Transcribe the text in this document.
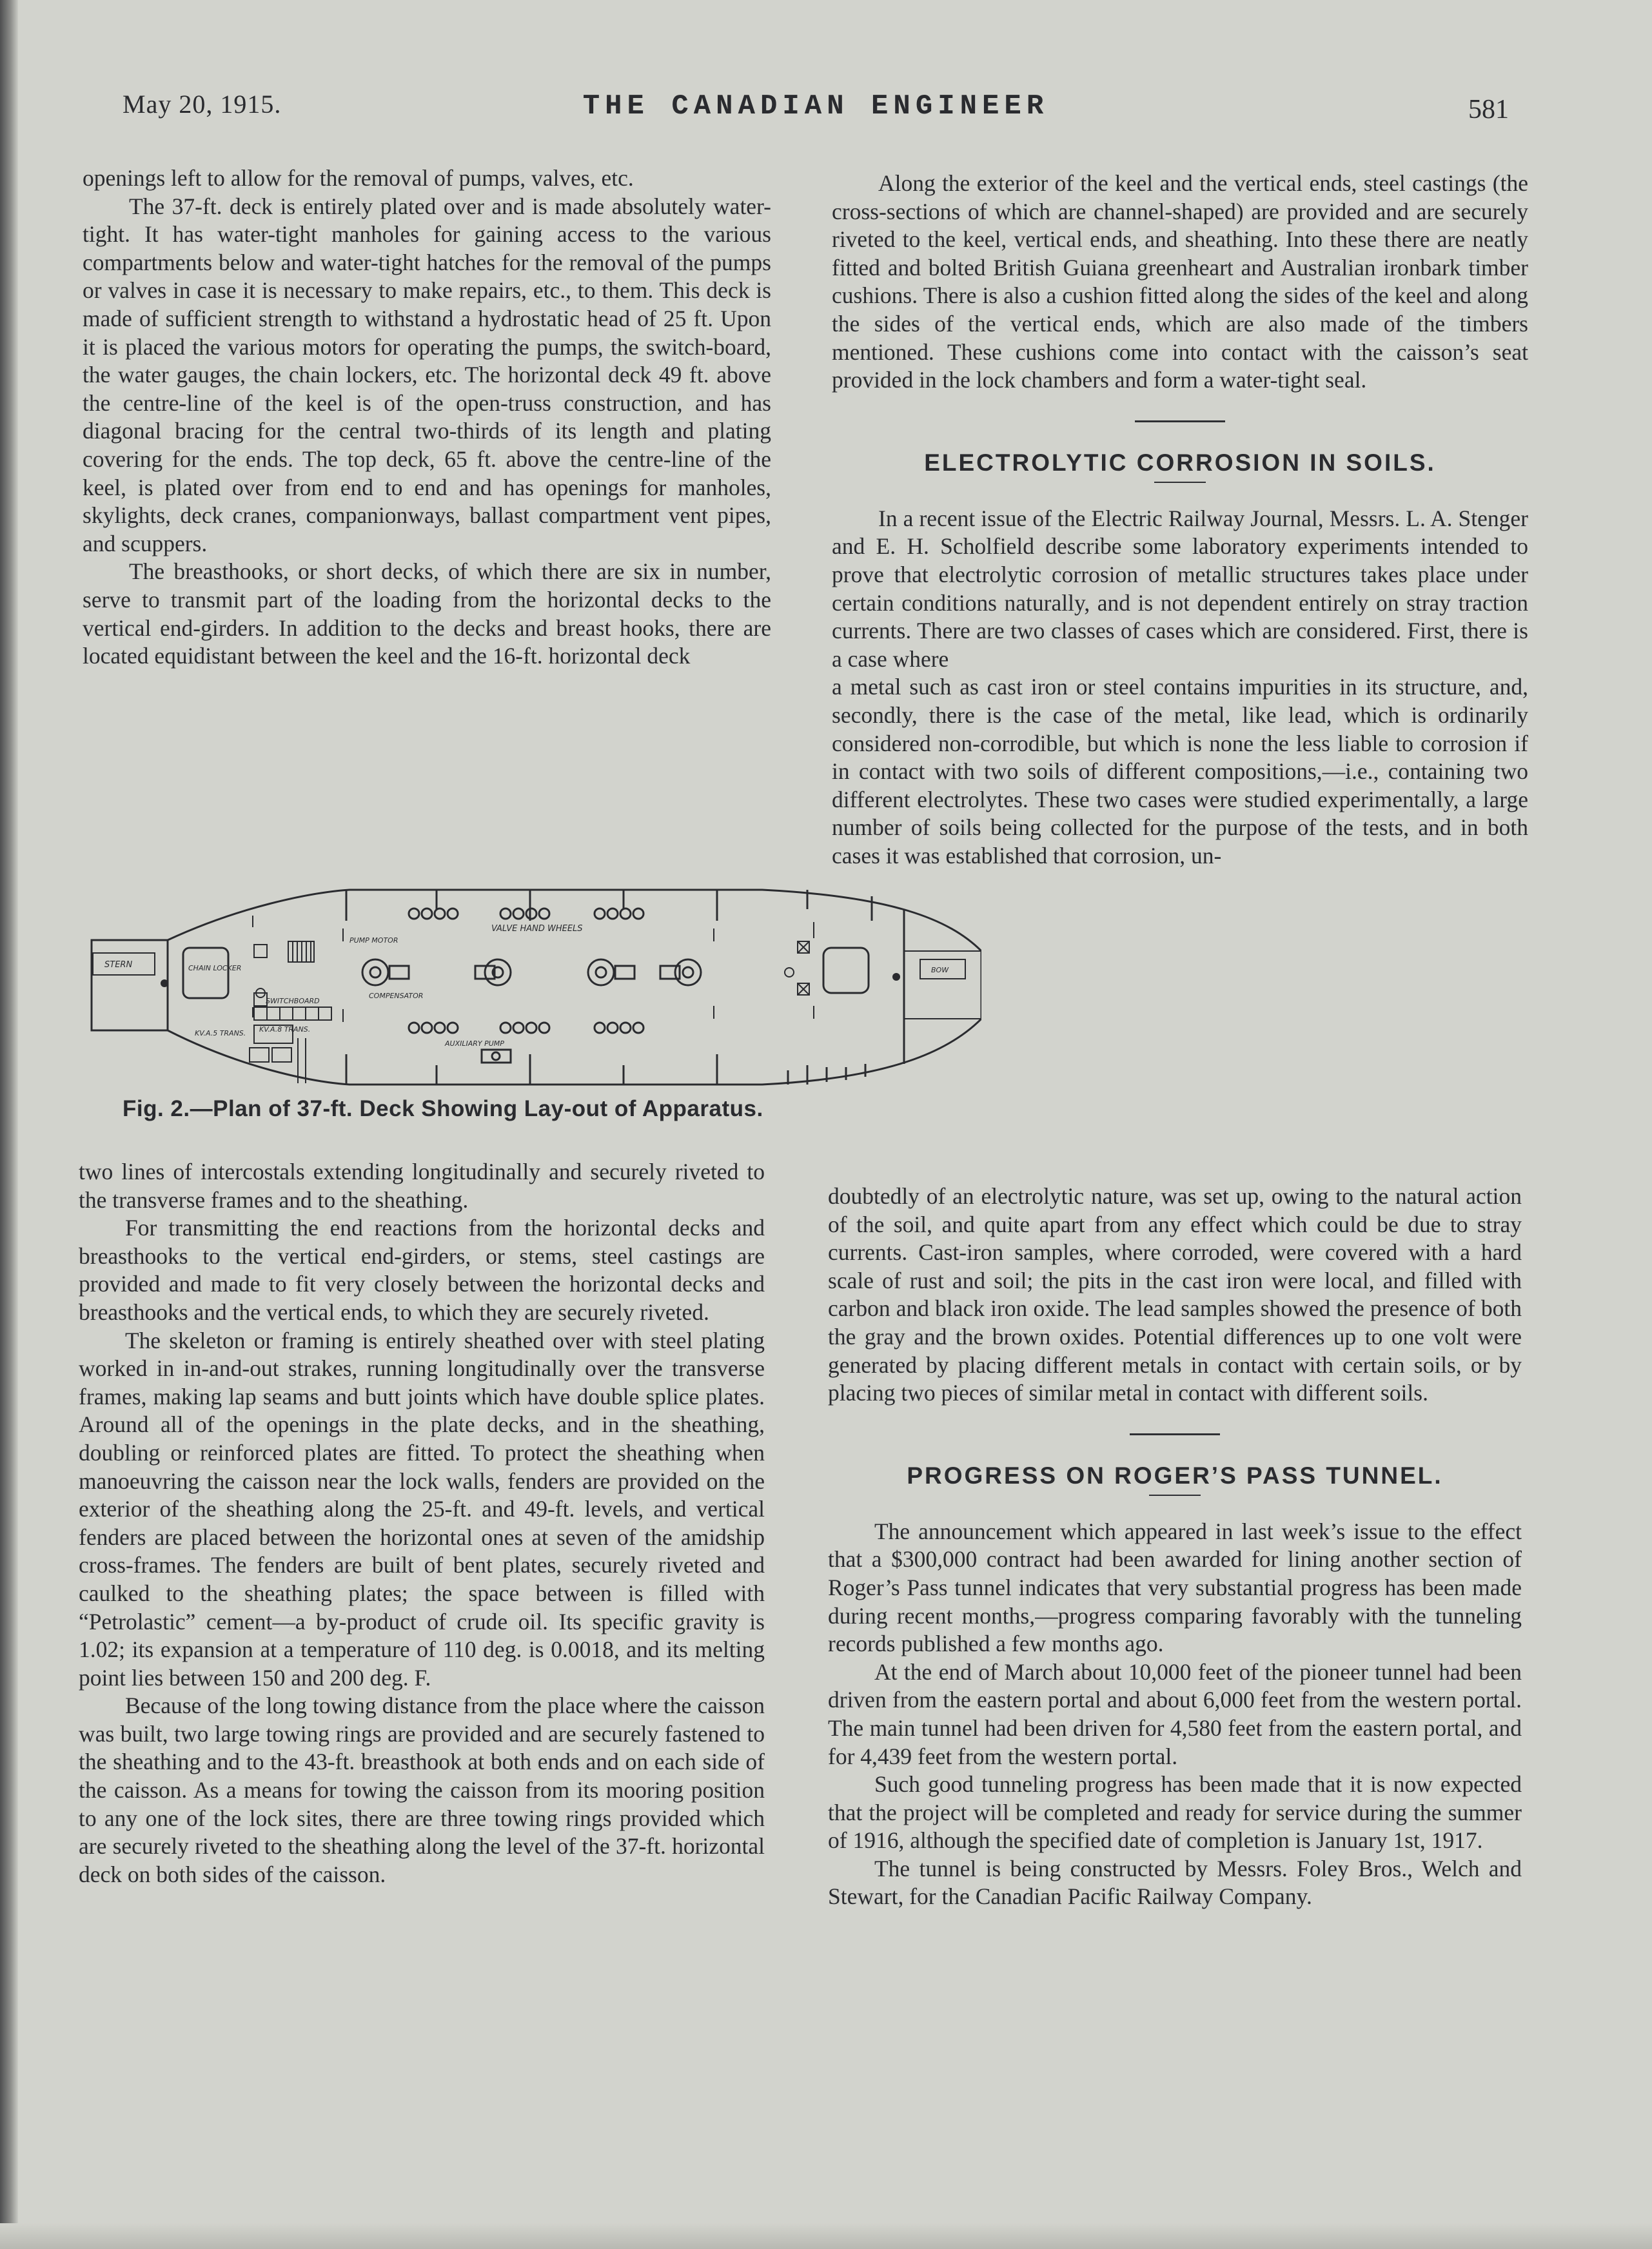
May 20, 1915.	THE CANADIAN ENGINEER	581

openings left to allow for the removal of pumps, valves, etc.

The 37-ft. deck is entirely plated over and is made absolutely water-tight. It has water-tight manholes for gaining access to the various compartments below and water-tight hatches for the removal of the pumps or valves in case it is necessary to make repairs, etc., to them. This deck is made of sufficient strength to withstand a hydrostatic head of 25 ft. Upon it is placed the various motors for operating the pumps, the switch-board, the water gauges, the chain lockers, etc. The horizontal deck 49 ft. above the centre-line of the keel is of the open-truss construction, and has diagonal bracing for the central two-thirds of its length and plating covering for the ends. The top deck, 65 ft. above the centre-line of the keel, is plated over from end to end and has openings for manholes, skylights, deck cranes, companionways, ballast compartment vent pipes, and scuppers.

The breasthooks, or short decks, of which there are six in number, serve to transmit part of the loading from the horizontal decks to the vertical end-girders. In addition to the decks and breast hooks, there are located equidistant between the keel and the 16-ft. horizontal deck

STERN	CHAIN LOCKER
VALVE HAND WHEELS
PUMP MOTOR
COMPENSATOR
SWITCHBOARD
KV.A.5 TRANS. KV.A.8 TRANS.
AUXILIARY PUMP
BOW
Fig. 2.—Plan of 37-ft. Deck Showing Lay-out of Apparatus.

two lines of intercostals extending longitudinally and securely riveted to the transverse frames and to the sheathing.

For transmitting the end reactions from the horizontal decks and breasthooks to the vertical end-girders, or stems, steel castings are provided and made to fit very closely between the horizontal decks and breasthooks and the vertical ends, to which they are securely riveted.

The skeleton or framing is entirely sheathed over with steel plating worked in in-and-out strakes, running longitudinally over the transverse frames, making lap seams and butt joints which have double splice plates. Around all of the openings in the plate decks, and in the sheathing, doubling or reinforced plates are fitted. To protect the sheathing when manoeuvring the caisson near the lock walls, fenders are provided on the exterior of the sheathing along the 25-ft. and 49-ft. levels, and vertical fenders are placed between the horizontal ones at seven of the amidship cross-frames. The fenders are built of bent plates, securely riveted and caulked to the sheathing plates; the space between is filled with “Petrolastic” cement—a by-product of crude oil. Its specific gravity is 1.02; its expansion at a temperature of 110 deg. is 0.0018, and its melting point lies between 150 and 200 deg. F.

Because of the long towing distance from the place where the caisson was built, two large towing rings are provided and are securely fastened to the sheathing and to the 43-ft. breasthook at both ends and on each side of the caisson. As a means for towing the caisson from its mooring position to any one of the lock sites, there are three towing rings provided which are securely riveted to the sheathing along the level of the 37-ft. horizontal deck on both sides of the caisson.

Along the exterior of the keel and the vertical ends, steel castings (the cross-sections of which are channel-shaped) are provided and are securely riveted to the keel, vertical ends, and sheathing. Into these there are neatly fitted and bolted British Guiana greenheart and Australian ironbark timber cushions. There is also a cushion fitted along the sides of the keel and along the sides of the vertical ends, which are also made of the timbers mentioned. These cushions come into contact with the caisson’s seat provided in the lock chambers and form a water-tight seal.

ELECTROLYTIC CORROSION IN SOILS.

In a recent issue of the Electric Railway Journal, Messrs. L. A. Stenger and E. H. Scholfield describe some laboratory experiments intended to prove that electrolytic corrosion of metallic structures takes place under certain conditions naturally, and is not dependent entirely on stray traction currents. There are two classes of cases which are considered. First, there is a case where

a metal such as cast iron or steel contains impurities in its structure, and, secondly, there is the case of the metal, like lead, which is ordinarily considered non-corrodible, but which is none the less liable to corrosion if in contact with two soils of different compositions,—i.e., containing two different electrolytes. These two cases were studied experimentally, a large number of soils being collected for the purpose of the tests, and in both cases it was established that corrosion, un-

doubtedly of an electrolytic nature, was set up, owing to the natural action of the soil, and quite apart from any effect which could be due to stray currents. Cast-iron samples, where corroded, were covered with a hard scale of rust and soil; the pits in the cast iron were local, and filled with carbon and black iron oxide. The lead samples showed the presence of both the gray and the brown oxides. Potential differences up to one volt were generated by placing different metals in contact with certain soils, or by placing two pieces of similar metal in contact with different soils.

PROGRESS ON ROGER’S PASS TUNNEL.

The announcement which appeared in last week’s issue to the effect that a $300,000 contract had been awarded for lining another section of Roger’s Pass tunnel indicates that very substantial progress has been made during recent months,—progress comparing favorably with the tunneling records published a few months ago.

At the end of March about 10,000 feet of the pioneer tunnel had been driven from the eastern portal and about 6,000 feet from the western portal. The main tunnel had been driven for 4,580 feet from the eastern portal, and for 4,439 feet from the western portal.

Such good tunneling progress has been made that it is now expected that the project will be completed and ready for service during the summer of 1916, although the specified date of completion is January 1st, 1917.

The tunnel is being constructed by Messrs. Foley Bros., Welch and Stewart, for the Canadian Pacific Railway Company.
